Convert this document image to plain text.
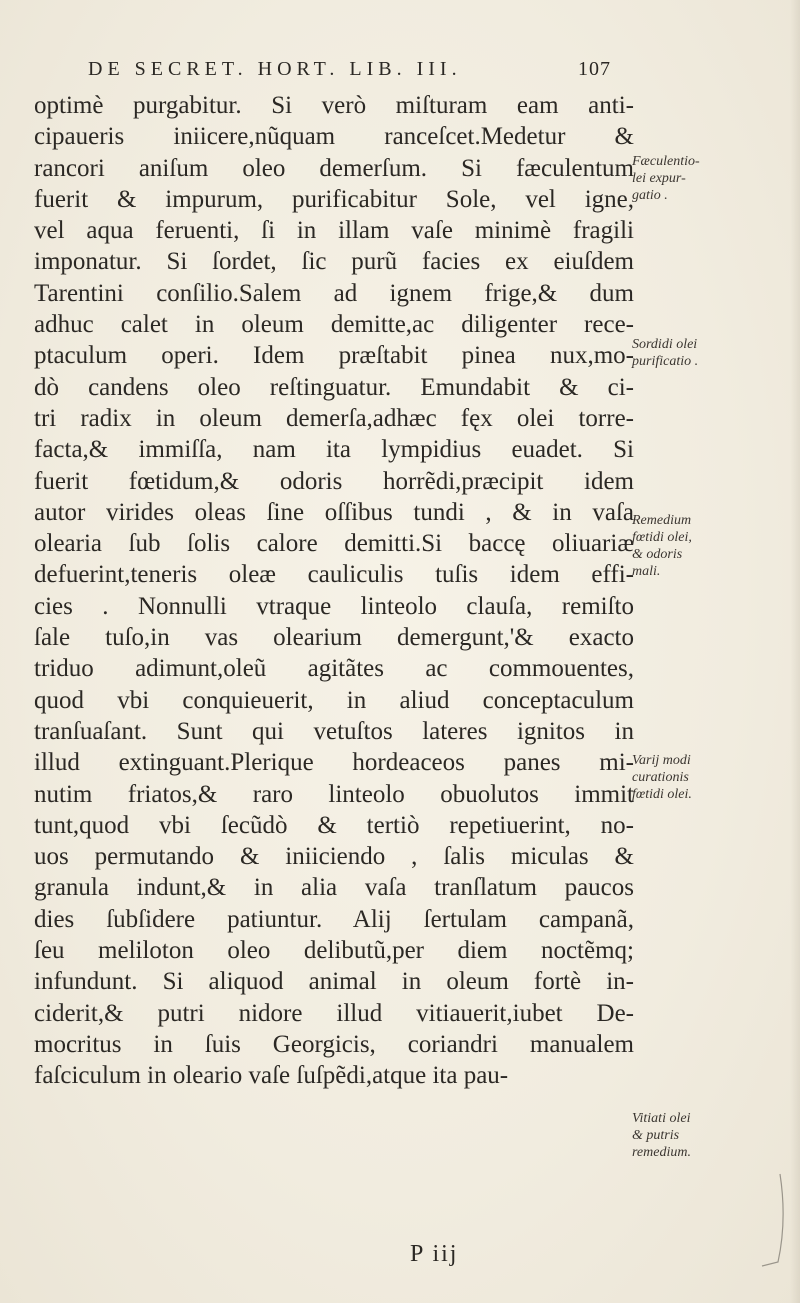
DE SECRET. HORT. LIB. III.	107
optimè purgabitur. Si verò miſturam eam anti-
cipaueris iniicere,nũquam ranceſcet.Medetur &
rancori aniſum oleo demerſum. Si fæculentum
fuerit & impurum, purificabitur Sole, vel igne,
vel aqua feruenti, ſi in illam vaſe minimè fragili
imponatur. Si ſordet, ſic purũ facies ex eiuſdem
Tarentini conſilio.Salem ad ignem frige,& dum
adhuc calet in oleum demitte,ac diligenter rece-
ptaculum operi. Idem præſtabit pinea nux,mo-
dò candens oleo reſtinguatur. Emundabit & ci-
tri radix in oleum demerſa,adhæc fęx olei torre-
facta,& immiſſa, nam ita lympidius euadet. Si
fuerit fœtidum,& odoris horrẽdi,præcipit idem
autor virides oleas ſine oſſibus tundi , & in vaſa
olearia ſub ſolis calore demitti.Si baccę oliuariæ
defuerint,teneris oleæ cauliculis tuſis idem effi-
cies . Nonnulli vtraque linteolo clauſa, remiſto
ſale tuſo,in vas olearium demergunt,'& exacto
triduo adimunt,oleũ agitãtes ac commouentes,
quod vbi conquieuerit, in aliud conceptaculum
tranſuaſant. Sunt qui vetuſtos lateres ignitos in
illud extinguant.Plerique hordeaceos panes mi-
nutim friatos,& raro linteolo obuolutos immit
tunt,quod vbi ſecũdò & tertiò repetiuerint, no-
uos permutando & iniiciendo , ſalis miculas &
granula indunt,& in alia vaſa tranſlatum paucos
dies ſubſidere patiuntur. Alij ſertulam campanã,
ſeu meliloton oleo delibutũ,per diem noctẽmq;
infundunt. Si aliquod animal in oleum fortè in-
ciderit,& putri nidore illud vitiauerit,iubet De-
mocritus in ſuis Georgicis, coriandri manualem
faſciculum in oleario vaſe ſuſpẽdi,atque ita pau-
P iij
Fæculentio-
lei expur-
gatio .
Sordidi olei
purificatio .
Remedium
fœtidi olei,
& odoris
mali.
Varij modi
curationis
fœtidi olei.
Vitiati olei
& putris
remedium.
